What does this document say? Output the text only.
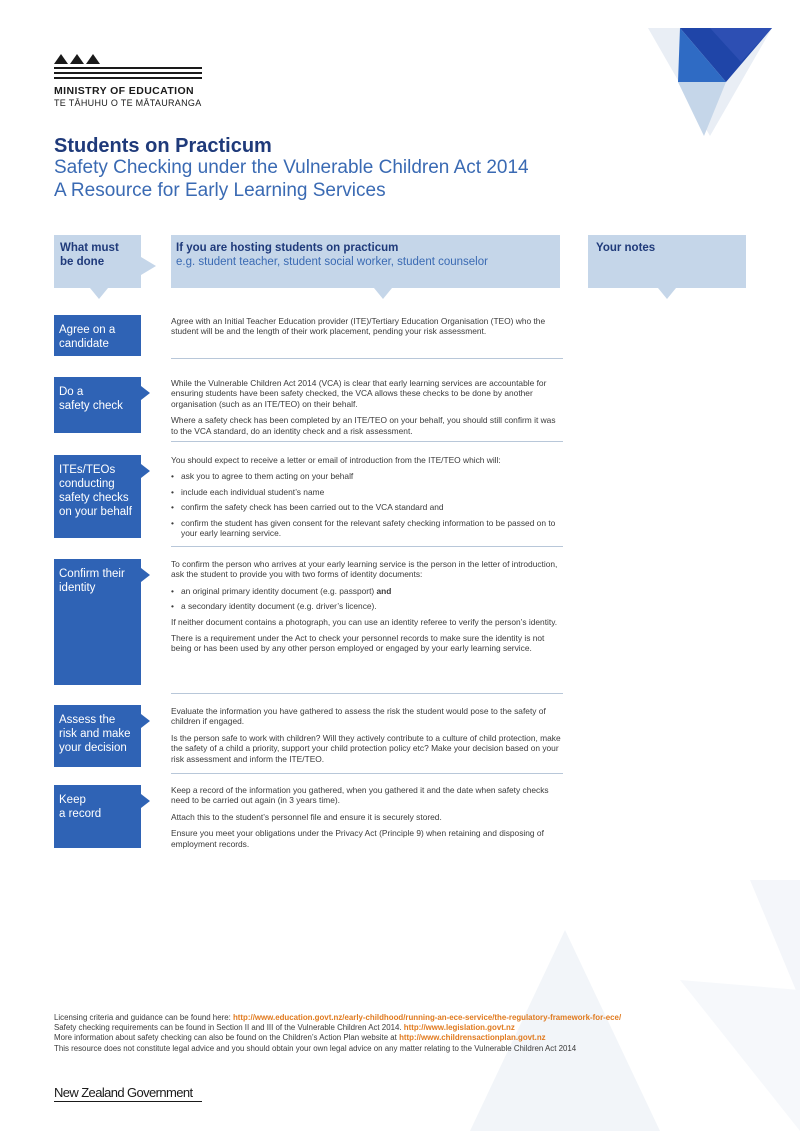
MINISTRY OF EDUCATION
TE TĀHUHU O TE MĀTAURANGA
Students on Practicum
Safety Checking under the Vulnerable Children Act 2014
A Resource for Early Learning Services
What must
be done
If you are hosting students on practicum
e.g. student teacher, student social worker, student counselor
Your notes
Agree on a
candidate

Agree with an Initial Teacher Education provider (ITE)/Tertiary Education Organisation (TEO) who the student will be and the length of their work placement, pending your risk assessment.

Do a
safety check

While the Vulnerable Children Act 2014 (VCA) is clear that early learning services are accountable for ensuring students have been safety checked, the VCA allows these checks to be done by another organisation (such as an ITE/TEO) on their behalf.

Where a safety check has been completed by an ITE/TEO on your behalf, you should still confirm it was to the VCA standard, do an identity check and a risk assessment.

ITEs/TEOs
conducting
safety checks
on your behalf

You should expect to receive a letter or email of introduction from the ITE/TEO which will:

• ask you to agree to them acting on your behalf
• include each individual student’s name
• confirm the safety check has been carried out to the VCA standard and
• confirm the student has given consent for the relevant safety checking information to be passed on to your early learning service.
Confirm their
identity

To confirm the person who arrives at your early learning service is the person in the letter of introduction, ask the student to provide you with two forms of identity documents:

• an original primary identity document (e.g. passport) and
• a secondary identity document (e.g. driver’s licence).

If neither document contains a photograph, you can use an identity referee to verify the person’s identity.

There is a requirement under the Act to check your personnel records to make sure the identity is not being or has been used by any other person employed or engaged by your early learning service.

Assess the
risk and make
your decision

Evaluate the information you have gathered to assess the risk the student would pose to the safety of children if engaged.

Is the person safe to work with children? Will they actively contribute to a culture of child protection, make the safety of a child a priority, support your child protection policy etc? Make your decision based on your risk assessment and inform the ITE/TEO.

Keep
a record

Keep a record of the information you gathered, when you gathered it and the date when safety checks need to be carried out again (in 3 years time).

Attach this to the student’s personnel file and ensure it is securely stored.

Ensure you meet your obligations under the Privacy Act (Principle 9) when retaining and disposing of employment records.

Licensing criteria and guidance can be found here: http://www.education.govt.nz/early-childhood/running-an-ece-service/the-regulatory-framework-for-ece/
Safety checking requirements can be found in Section II and III of the Vulnerable Children Act 2014. http://www.legislation.govt.nz
More information about safety checking can also be found on the Children’s Action Plan website at http://www.childrensactionplan.govt.nz
This resource does not constitute legal advice and you should obtain your own legal advice on any matter relating to the Vulnerable Children Act 2014
New Zealand Government
